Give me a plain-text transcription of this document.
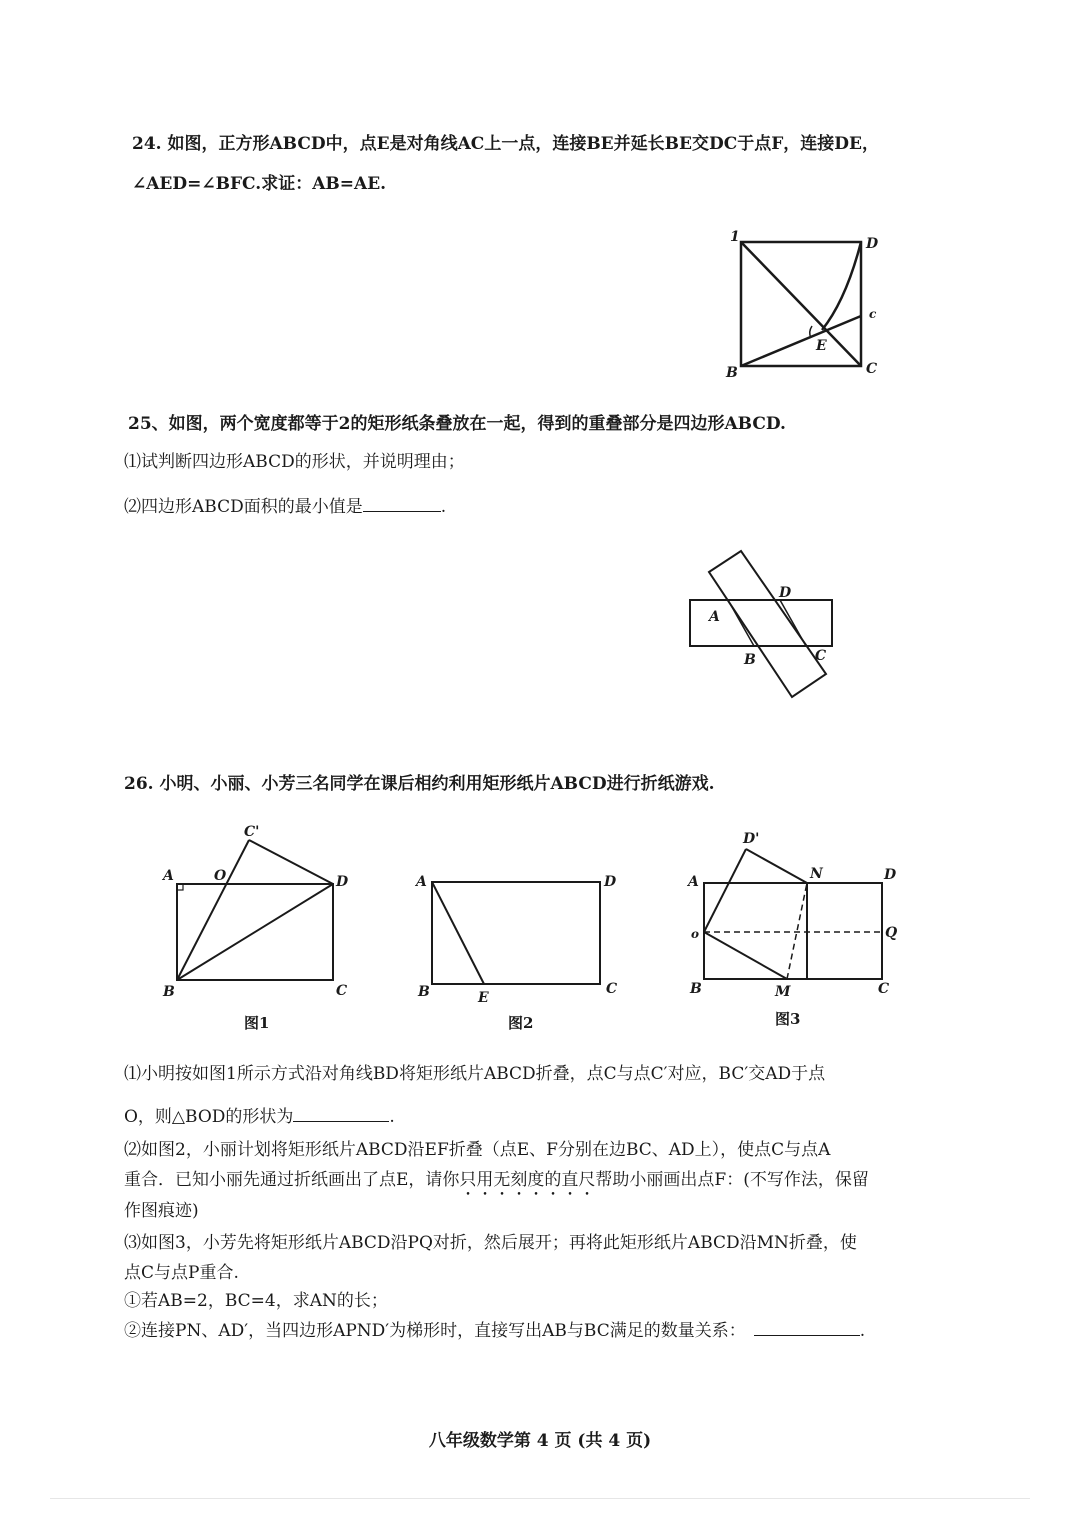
24. 如图，正方形ABCD中，点E是对角线AC上一点，连接BE并延长BE交DC于点F，连接DE，
∠AED=∠BFC.求证：AB=AE.
1	D
c
E
B	C
25、如图，两个宽度都等于2的矩形纸条叠放在一起，得到的重叠部分是四边形ABCD.
⑴试判断四边形ABCD的形状，并说明理由；
⑵四边形ABCD面积的最小值是	.
A
D
B	C
26. 小明、小丽、小芳三名同学在课后相约利用矩形纸片ABCD进行折纸游戏.
C'
A	O	D
B	C
图1
A	D
B	E
C
图2
D'
A	N	D
o	Q
B	M	C
图3
⑴小明按如图1所示方式沿对角线BD将矩形纸片ABCD折叠，点C与点C′对应，BC′交AD于点
O，则△BOD的形状为	.
⑵如图2，小丽计划将矩形纸片ABCD沿EF折叠（点E、F分别在边BC、AD上），使点C与点A
重合．已知小丽先通过折纸画出了点E，请你只用无刻度的直尺帮助小丽画出点F：(不写作法，保留
作图痕迹)
⑶如图3，小芳先将矩形纸片ABCD沿PQ对折，然后展开；再将此矩形纸片ABCD沿MN折叠，使
点C与点P重合.
①若AB=2，BC=4，求AN的长；
②连接PN、AD′，当四边形APND′为梯形时，直接写出AB与BC满足的数量关系：	.
八年级数学第 4 页 (共 4 页)
